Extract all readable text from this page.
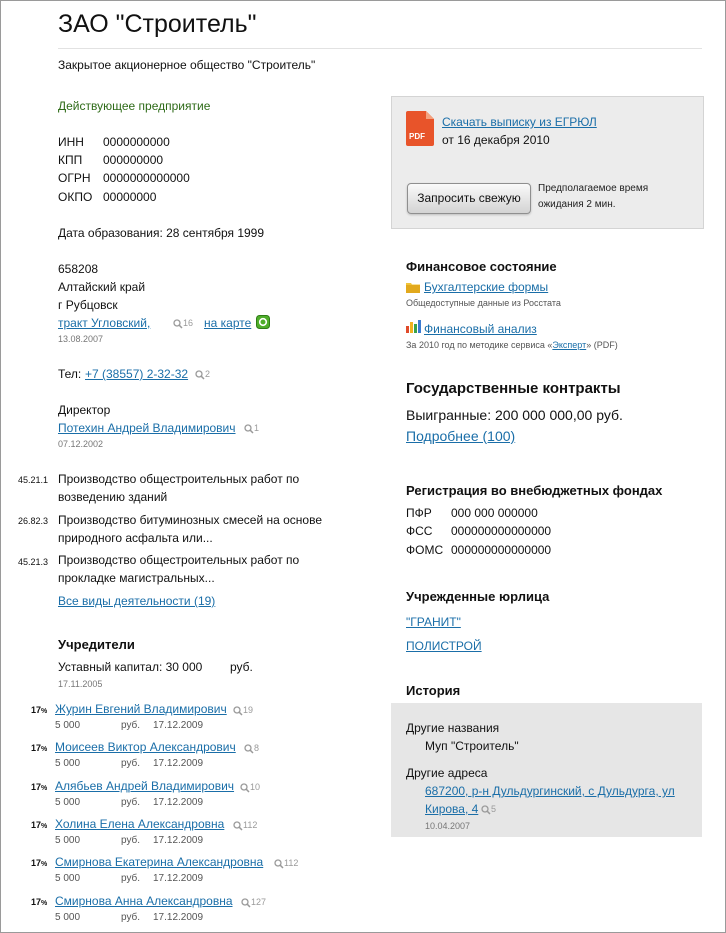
ЗАО "Строитель"
Закрытое акционерное общество "Строитель"
Действующее предприятие
ИНН 0000000000
КПП 000000000
ОГРН 0000000000000
ОКПО 00000000
Дата образования: 28 сентября 1999
658208
Алтайский край
г Рубцовск
тракт Угловский,	16 на карте
13.08.2007
Тел: +7 (38557) 2-32-32	2
Директор
Потехин Андрей Владимирович	1
07.12.2002
45.21.1 Производство общестроительных работ по
возведению зданий
26.82.3 Производство битуминозных смесей на основе
природного асфальта или...
45.21.3 Производство общестроительных работ по
прокладке магистральных...
Все виды деятельности (19)
Учредители
Уставный капитал: 30 000 руб.
17.11.2005
17% Журин Евгений Владимирович	19
5 000	руб. 17.12.2009
17% Моисеев Виктор Александрович	8
5 000	руб. 17.12.2009
17% Алябьев Андрей Владимирович	10
5 000	руб. 17.12.2009
17% Холина Елена Александровна	112
5 000	руб. 17.12.2009
17% Смирнова Екатерина Александровна	112
5 000	руб. 17.12.2009
17% Смирнова Анна Александровна	127
5 000	руб. 17.12.2009
PDF
Скачать выписку из ЕГРЮЛ
от 16 декабря 2010
Запросить свежую
Предполагаемое время
ожидания 2 мин.
Финансовое состояние
Бухгалтерские формы
Общедоступные данные из Росстата
Финансовый анализ
За 2010 год по методике сервиса «Эксперт» (PDF)
Государственные контракты
Выигранные: 200 000 000,00 руб.
Подробнее (100)
Регистрация во внебюджетных фондах
ПФР 000 000 000000
ФСС 000000000000000
ФОМС 000000000000000
Учрежденные юрлица
"ГРАНИТ"
ПОЛИСТРОЙ
История
Другие названия
Муп "Строитель"
Другие адреса
687200, р-н Дульдургинский, с Дульдурга, ул
Кирова, 4	5
10.04.2007
